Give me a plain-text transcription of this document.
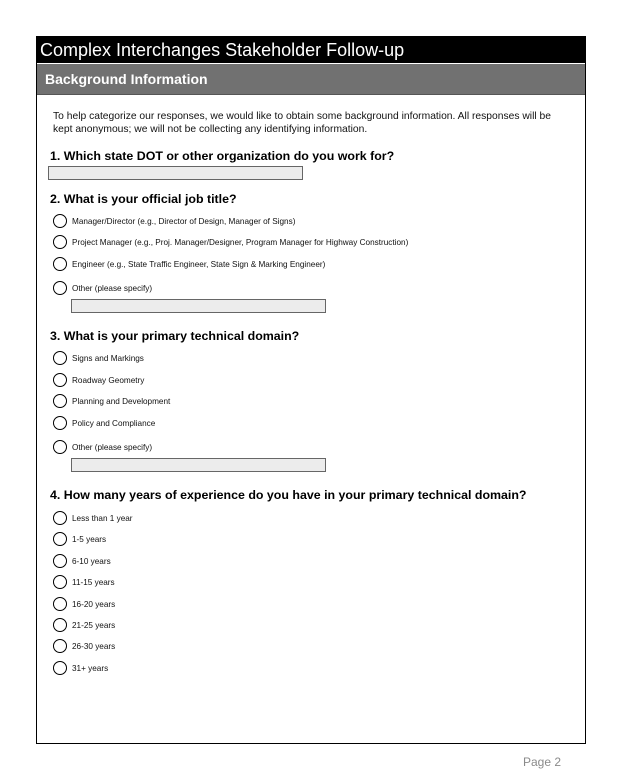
Complex Interchanges Stakeholder Follow-up
Background Information
To help categorize our responses, we would like to obtain some background information. All responses will be kept anonymous; we will not be collecting any identifying information.
1. Which state DOT or other organization do you work for?
2. What is your official job title?
Manager/Director (e.g., Director of Design, Manager of Signs)
Project Manager (e.g., Proj. Manager/Designer, Program Manager for Highway Construction)
Engineer (e.g., State Traffic Engineer, State Sign & Marking Engineer)
Other (please specify)
3. What is your primary technical domain?
Signs and Markings
Roadway Geometry
Planning and Development
Policy and Compliance
Other (please specify)
4. How many years of experience do you have in your primary technical domain?
Less than 1 year
1-5 years
6-10 years
11-15 years
16-20 years
21-25 years
26-30 years
31+ years
Page 2
